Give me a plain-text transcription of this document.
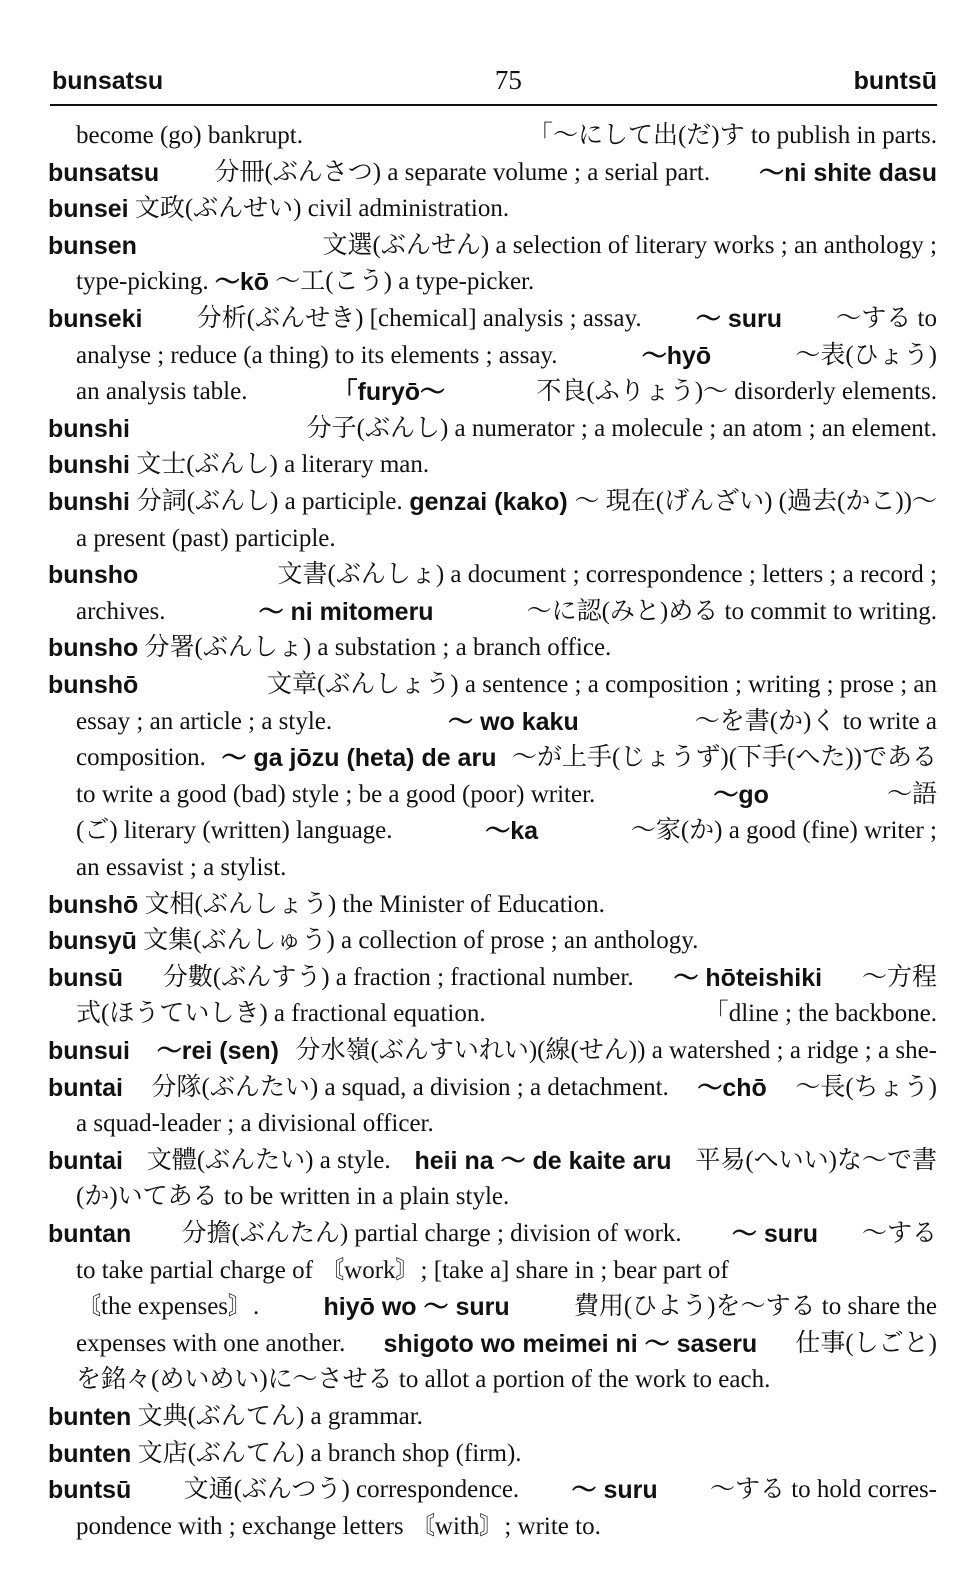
bunsatsu	75	buntsū
become (go) bankrupt.	「〜にして出(だ)す to publish in parts.
bunsatsu 分冊(ぶんさつ) a separate volume ; a serial part. 〜ni shite dasu
bunsei 文政(ぶんせい) civil administration.
bunsen	文選(ぶんせん) a selection of literary works ; an anthology ;
type-picking. 〜kō 〜工(こう) a type-picker.
bunseki 分析(ぶんせき) [chemical] analysis ; assay. 〜 suru 〜する to
analyse ; reduce (a thing) to its elements ; assay.	〜hyō	〜表(ひょう)
an analysis table.	「furyō〜	不良(ふりょう)〜 disorderly elements.
bunshi	分子(ぶんし) a numerator ; a molecule ; an atom ; an element.
bunshi 文士(ぶんし) a literary man.
bunshi 分詞(ぶんし) a participle. genzai (kako) 〜 現在(げんざい) (過去(かこ))〜
a present (past) participle.
bunsho	文書(ぶんしょ) a document ; correspondence ; letters ; a record ;
archives.	〜 ni mitomeru	〜に認(みと)める to commit to writing.
bunsho 分署(ぶんしょ) a substation ; a branch office.
bunshō	文章(ぶんしょう) a sentence ; a composition ; writing ; prose ; an
essay ; an article ; a style.	〜 wo kaku	〜を書(か)く to write a
composition. 〜 ga jōzu (heta) de aru 〜が上手(じょうず)(下手(へた))である
to write a good (bad) style ; be a good (poor) writer.	〜go	〜語
(ご) literary (written) language.	〜ka	〜家(か) a good (fine) writer ;
an essavist ; a stylist.
bunshō 文相(ぶんしょう) the Minister of Education.
bunsyū 文集(ぶんしゅう) a collection of prose ; an anthology.
bunsū 分數(ぶんすう) a fraction ; fractional number. 〜 hōteishiki 〜方程
式(ほうていしき) a fractional equation.	「dline ; the backbone.
bunsui
〜rei (sen) 分水嶺(ぶんすいれい)(線(せん)) a watershed ; a ridge ; a she-
buntai 分隊(ぶんたい) a squad, a division ; a detachment. 〜chō 〜長(ちょう)
a squad-leader ; a divisional officer.
buntai 文體(ぶんたい) a style. heii na 〜 de kaite aru 平易(へいい)な〜で書
(か)いてある to be written in a plain style.
buntan 分擔(ぶんたん) partial charge ; division of work. 〜 suru 〜する
to take partial charge of 〘work〙; [take a] share in ; bear part of
〘the expenses〙. hiyō wo 〜 suru 費用(ひよう)を〜する to share the
expenses with one another. shigoto wo meimei ni 〜 saseru 仕事(しごと)
を銘々(めいめい)に〜させる to allot a portion of the work to each.
bunten 文典(ぶんてん) a grammar.
bunten 文店(ぶんてん) a branch shop (firm).
buntsū 文通(ぶんつう) correspondence. 〜 suru 〜する to hold corres-
pondence with ; exchange letters 〘with〙; write to.
